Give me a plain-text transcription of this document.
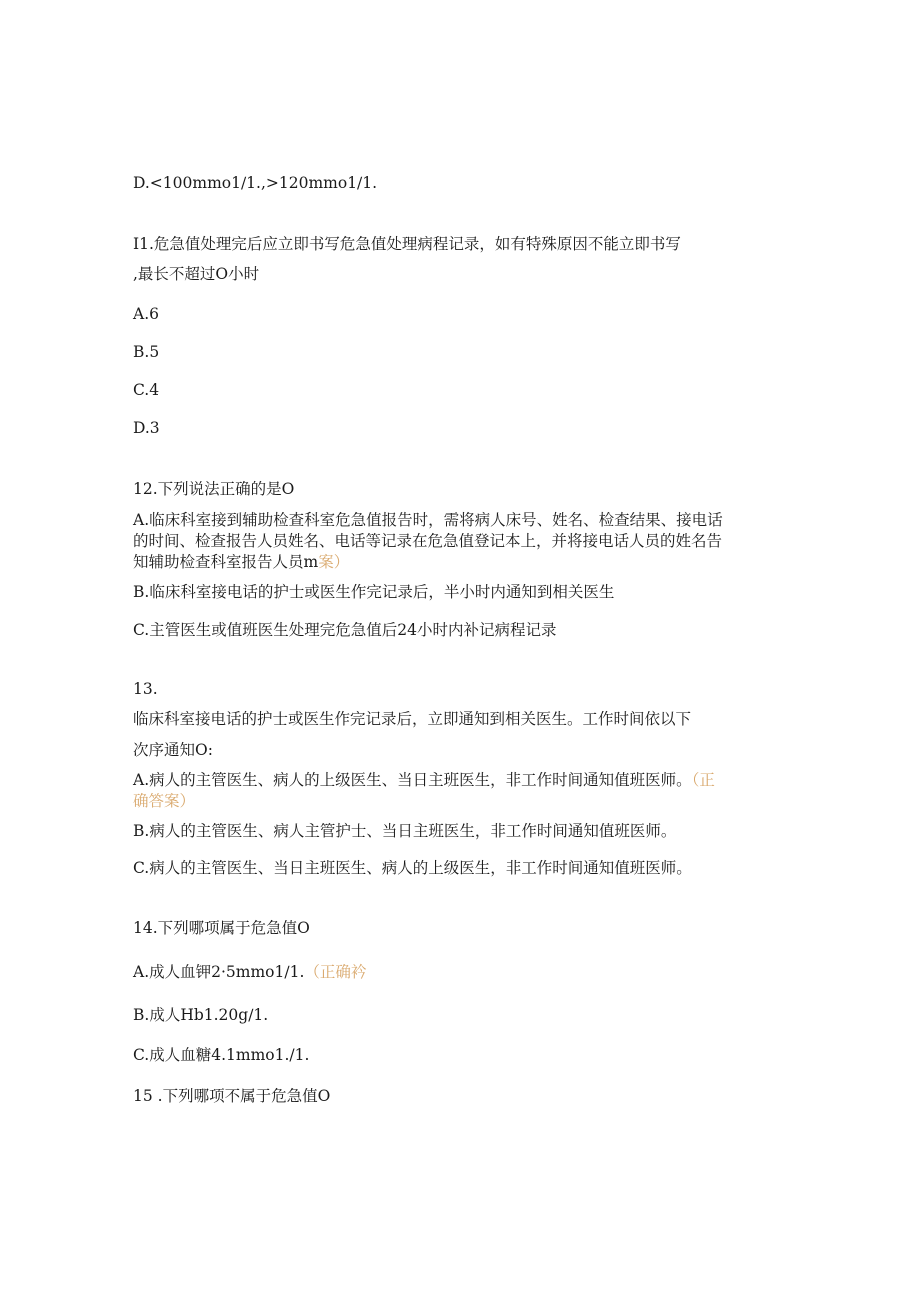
D.<100mmo1∕1.,>120mmo1∕1.

I1.危急值处理完后应立即书写危急值处理病程记录，如有特殊原因不能立即书写

,最长不超过O小时

A.6

B.5

C.4

D.3

12.下列说法正确的是O

A.临床科室接到辅助检查科室危急值报告时，需将病人床号、姓名、检查结果、接电话

的时间、检查报告人员姓名、电话等记录在危急值登记本上，并将接电话人员的姓名告

知辅助检查科室报告人员m案）

B.临床科室接电话的护士或医生作完记录后，半小时内通知到相关医生

C.主管医生或值班医生处理完危急值后24小时内补记病程记录

13.

临床科室接电话的护士或医生作完记录后，立即通知到相关医生。工作时间依以下

次序通知O:

A.病人的主管医生、病人的上级医生、当日主班医生，非工作时间通知值班医师。（正

确答案）

B.病人的主管医生、病人主管护士、当日主班医生，非工作时间通知值班医师。

C.病人的主管医生、当日主班医生、病人的上级医生，非工作时间通知值班医师。

14.下列哪项属于危急值O

A.成人血钾2·5mmo1∕1.（正确衿

B.成人Hb1.20g∕1.

C.成人血糖4.1mmo1./1.

15 .下列哪项不属于危急值O
